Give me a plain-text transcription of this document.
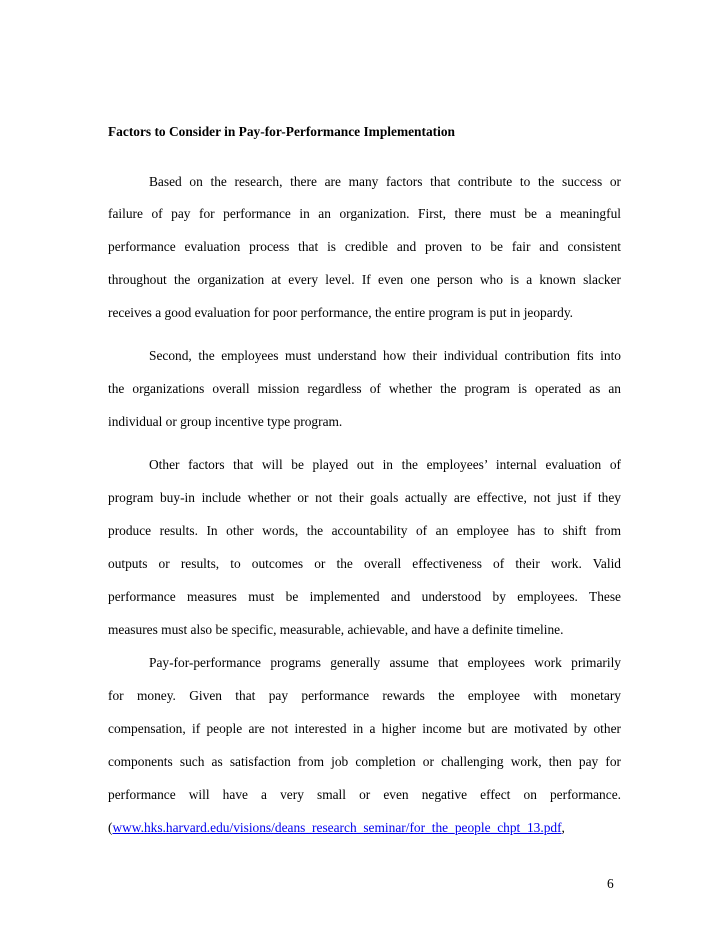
Factors to Consider in Pay-for-Performance Implementation
Based on the research, there are many factors that contribute to the success or
failure of pay for performance in an organization. First, there must be a meaningful
performance evaluation process that is credible and proven to be fair and consistent
throughout the organization at every level. If even one person who is a known slacker
receives a good evaluation for poor performance, the entire program is put in jeopardy.
Second, the employees must understand how their individual contribution fits into
the organizations overall mission regardless of whether the program is operated as an
individual or group incentive type program.
Other factors that will be played out in the employees’ internal evaluation of
program buy-in include whether or not their goals actually are effective, not just if they
produce results. In other words, the accountability of an employee has to shift from
outputs or results, to outcomes or the overall effectiveness of their work. Valid
performance measures must be implemented and understood by employees. These
measures must also be specific, measurable, achievable, and have a definite timeline.
Pay-for-performance programs generally assume that employees work primarily
for money. Given that pay performance rewards the employee with monetary
compensation, if people are not interested in a higher income but are motivated by other
components such as satisfaction from job completion or challenging work, then pay for
performance will have a very small or even negative effect on performance.
(www.hks.harvard.edu/visions/deans_research_seminar/for_the_people_chpt_13.pdf,
6
